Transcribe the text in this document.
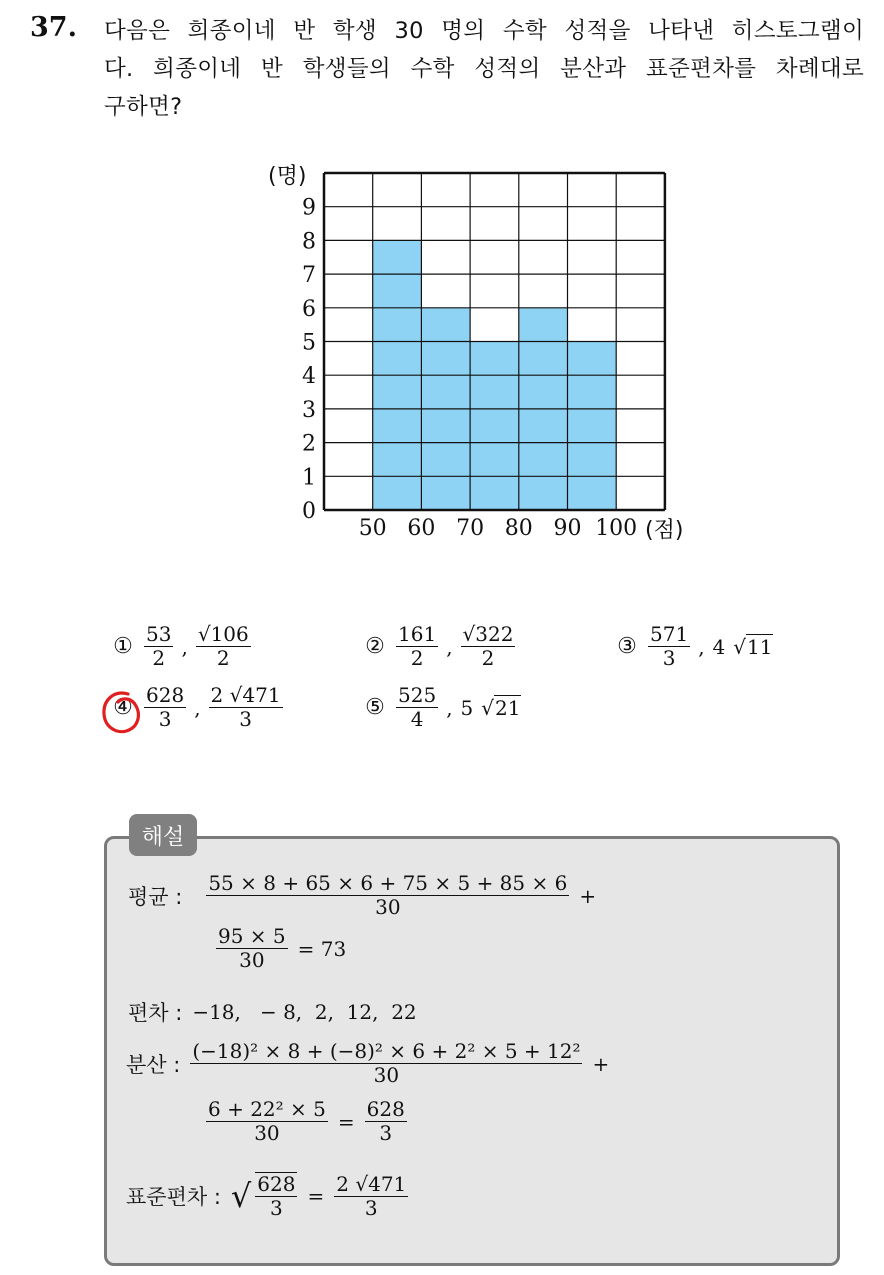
37. 다음은 희종이네 반 학생 30 명의 수학 성적을 나타낸 히스토그램이
다. 희종이네 반 학생들의 수학 성적의 분산과 표준편차를 차례대로
구하면?
0
1
2
3
4
5
6
7
8
9
50 60 70 80 90 100
(명)
(점)
① $\frac{53}{2}$ , $\frac{√106}{2}$	② $\frac{161}{2}$ , $\frac{√322}{2}$	③ $\frac{571}{3}$ , 4 √11
④ $\frac{628}{3}$ , $\frac{2 √471}{3}$	⑤ $\frac{525}{4}$ , 5 √21
해설
평균 : $\frac{55 \times 8 + 65 \times 6 + 75 \times 5 + 85 \times 6}{30}$ +
$\frac{95 \times 5}{30} = 73$
편차 : −18,   − 8,  2,  12,  22
분산 : $\frac{\text{(−18)² × 8 + (−8)² × 6 + 2² × 5 + 12²}}{30}$ +
$\frac{\text{6 + 22² × 5}}{30} = \frac{628}{3}$
표준편차 : √ $\frac{628}{3} = \frac{2 √471}{3}$
